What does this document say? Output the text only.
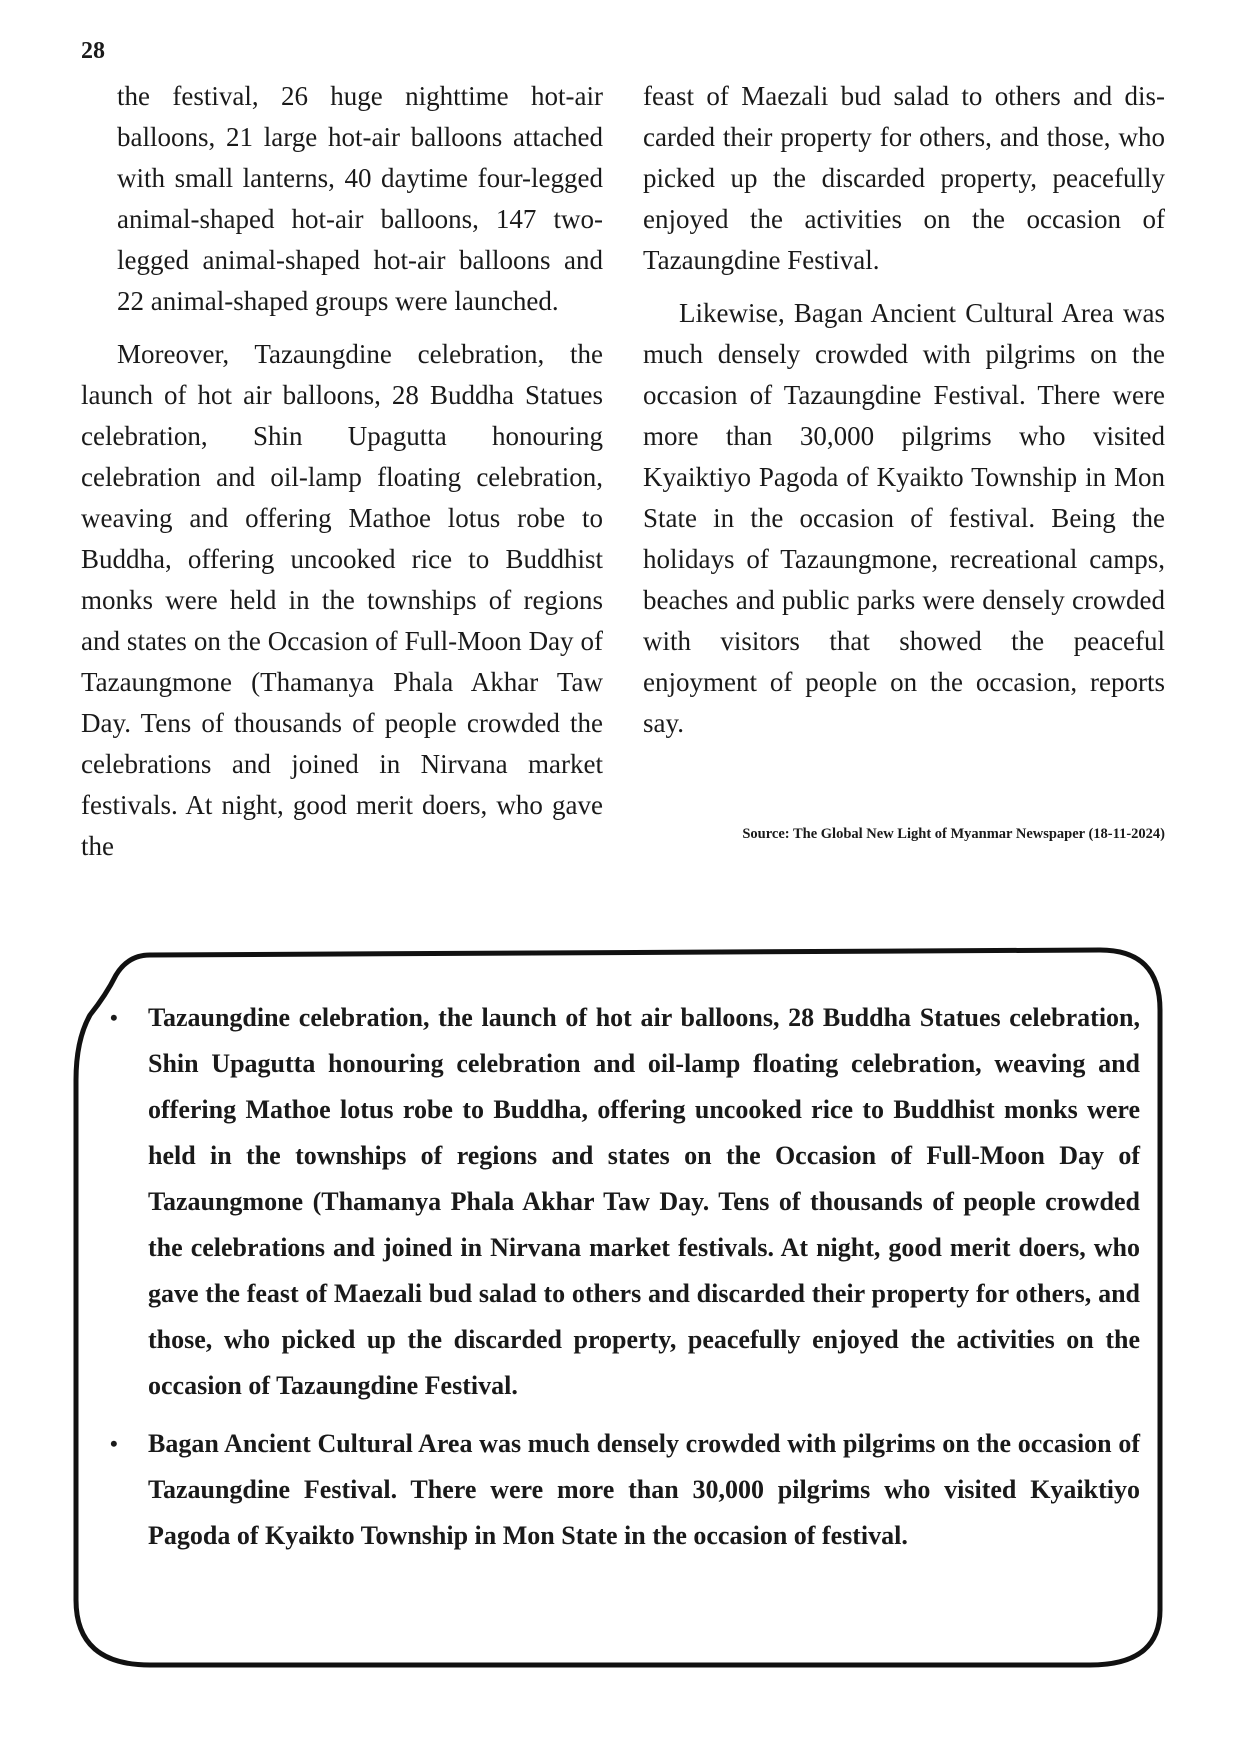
28

the festival, 26 huge nighttime hot-air balloons, 21 large hot-air balloons attached with small lanterns, 40 daytime four-legged animal-shaped hot-air balloons, 147 two-legged animal-shaped hot-air balloons and 22 animal-shaped groups were launched.

Moreover, Tazaungdine celebration, the launch of hot air balloons, 28 Buddha Statues celebration, Shin Upagutta honouring celebration and oil-lamp floating celebration, weaving and offering Mathoe lotus robe to Buddha, offering uncooked rice to Buddhist monks were held in the townships of regions and states on the Occasion of Full-Moon Day of Tazaungmone (Thamanya Phala Akhar Taw Day. Tens of thousands of people crowded the celebrations and joined in Nirvana market festivals. At night, good merit doers, who gave the

feast of Maezali bud salad to others and discarded their property for others, and those, who picked up the discarded property, peacefully enjoyed the activities on the occasion of Tazaungdine Festival.

Likewise, Bagan Ancient Cultural Area was much densely crowded with pilgrims on the occasion of Tazaungdine Festival. There were more than 30,000 pilgrims who visited Kyaiktiyo Pagoda of Kyaikto Township in Mon State in the occasion of festival. Being the holidays of Tazaungmone, recreational camps, beaches and public parks were densely crowded with visitors that showed the peaceful enjoyment of people on the occasion, reports say.

Source: The Global New Light of Myanmar Newspaper (18-11-2024)
• Tazaungdine celebration, the launch of hot air balloons, 28 Buddha Statues celebration, Shin Upagutta honouring celebration and oil-lamp floating celebration, weaving and offering Mathoe lotus robe to Buddha, offering uncooked rice to Buddhist monks were held in the townships of regions and states on the Occasion of Full-Moon Day of Tazaungmone (Thamanya Phala Akhar Taw Day. Tens of thousands of people crowded the celebrations and joined in Nirvana market festivals. At night, good merit doers, who gave the feast of Maezali bud salad to others and discarded their property for others, and those, who picked up the discarded property, peacefully enjoyed the activities on the occasion of Tazaungdine Festival.
• Bagan Ancient Cultural Area was much densely crowded with pilgrims on the occasion of Tazaungdine Festival. There were more than 30,000 pilgrims who visited Kyaiktiyo Pagoda of Kyaikto Township in Mon State in the occasion of festival.
